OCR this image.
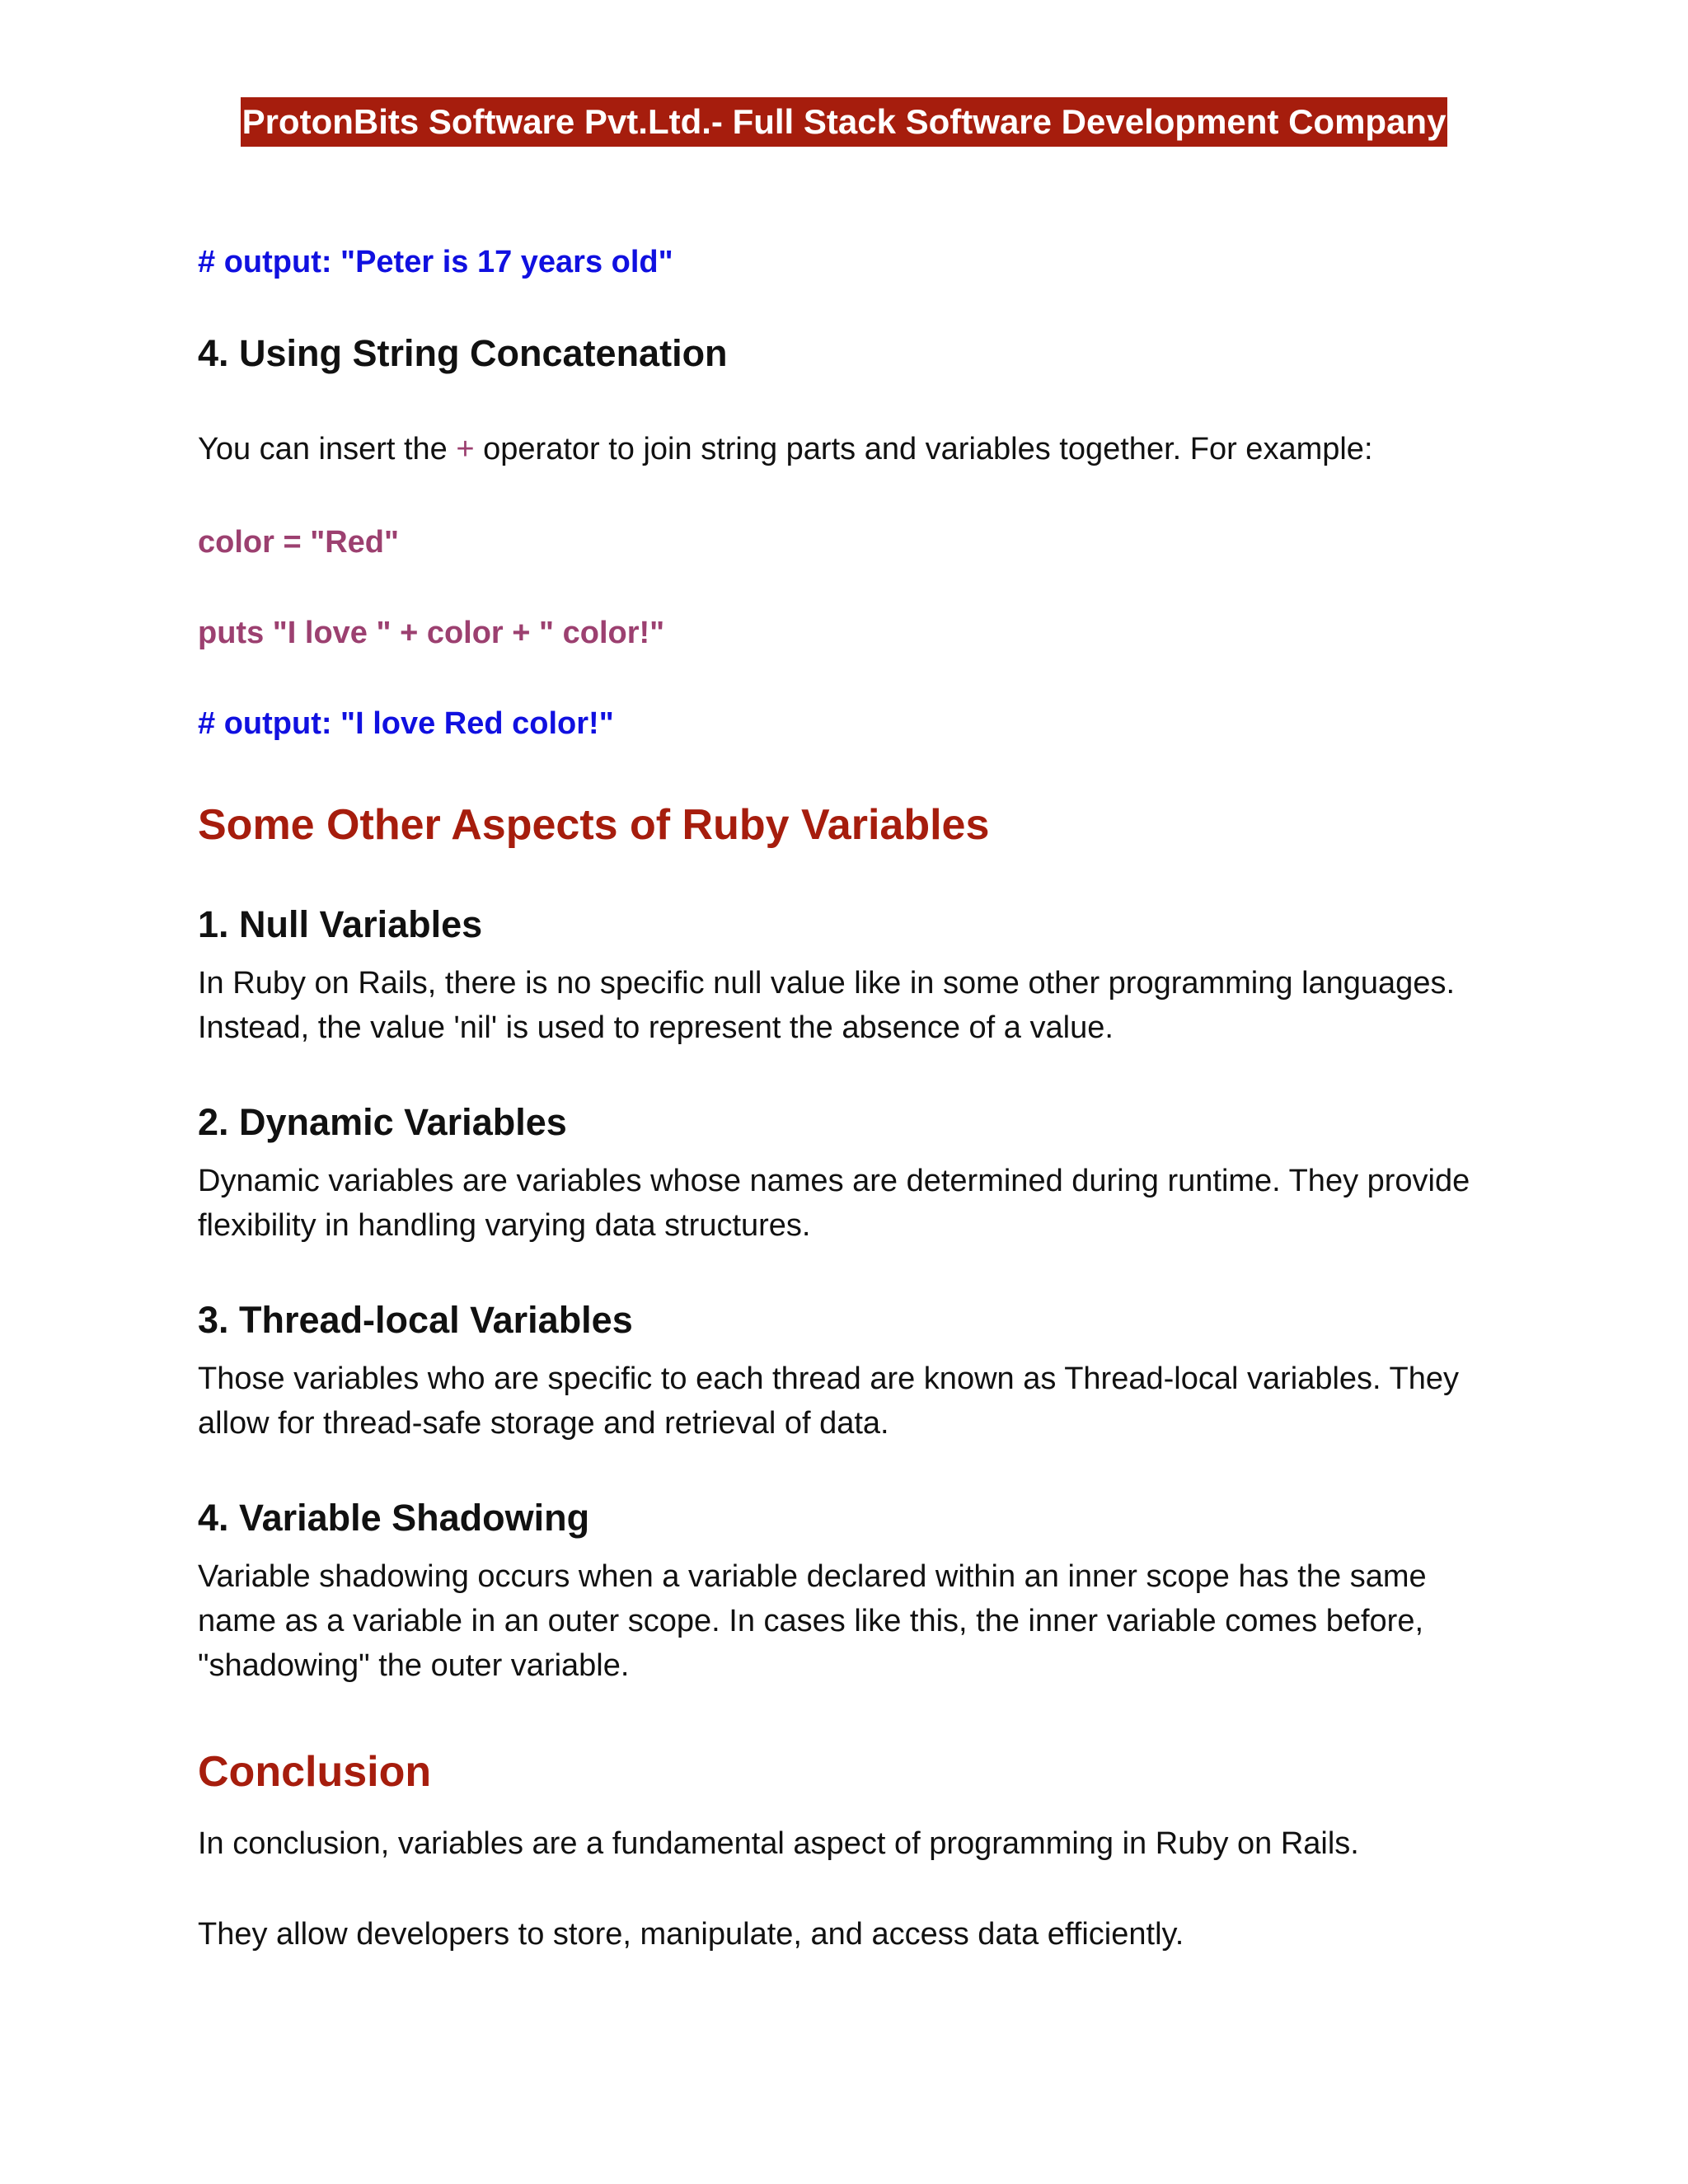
ProtonBits Software Pvt.Ltd.- Full Stack Software Development Company
# output: "Peter is 17 years old"
4. Using String Concatenation
You can insert the + operator to join string parts and variables together. For example:
color = "Red"
puts "I love " + color + " color!"
# output: "I love Red color!"
Some Other Aspects of Ruby Variables
1. Null Variables
In Ruby on Rails, there is no specific null value like in some other programming languages. Instead, the value 'nil' is used to represent the absence of a value.
2. Dynamic Variables
Dynamic variables are variables whose names are determined during runtime. They provide flexibility in handling varying data structures.
3. Thread-local Variables
Those variables who are specific to each thread are known as Thread-local variables. They allow for thread-safe storage and retrieval of data.
4. Variable Shadowing
Variable shadowing occurs when a variable declared within an inner scope has the same name as a variable in an outer scope. In cases like this, the inner variable comes before, "shadowing" the outer variable.
Conclusion
In conclusion, variables are a fundamental aspect of programming in Ruby on Rails.
They allow developers to store, manipulate, and access data efficiently.
